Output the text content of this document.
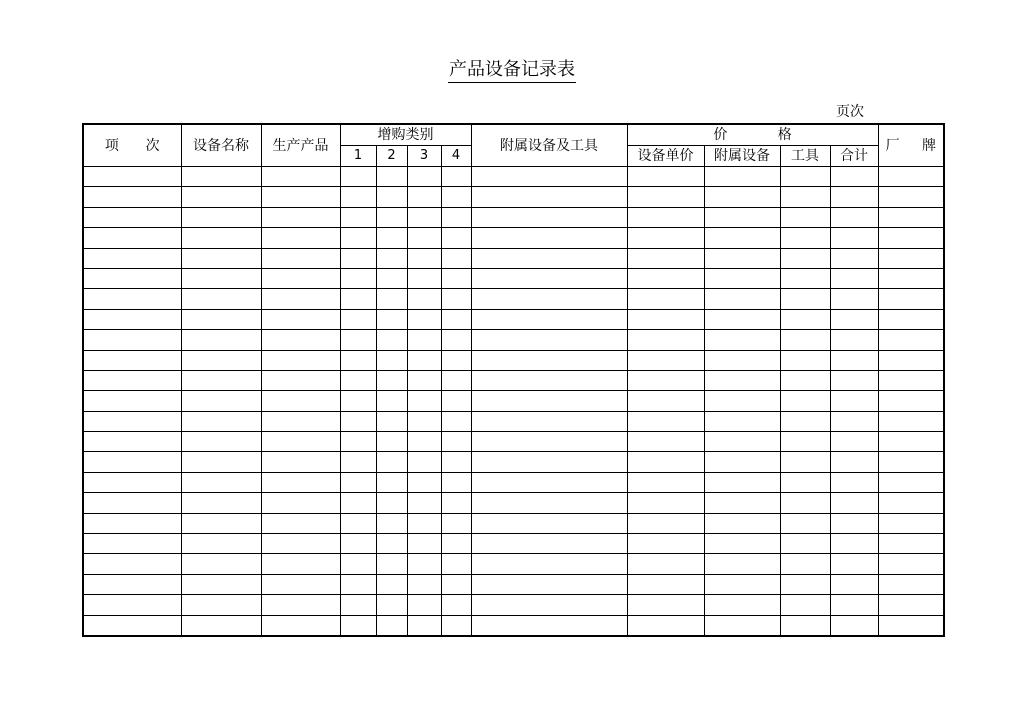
产品设备记录表
页次
项 次	设备名称	生产产品	增购类别				附属设备及工具	价格				厂牌
			1	2	3	4		设备单价	附属设备	工具	合计	
